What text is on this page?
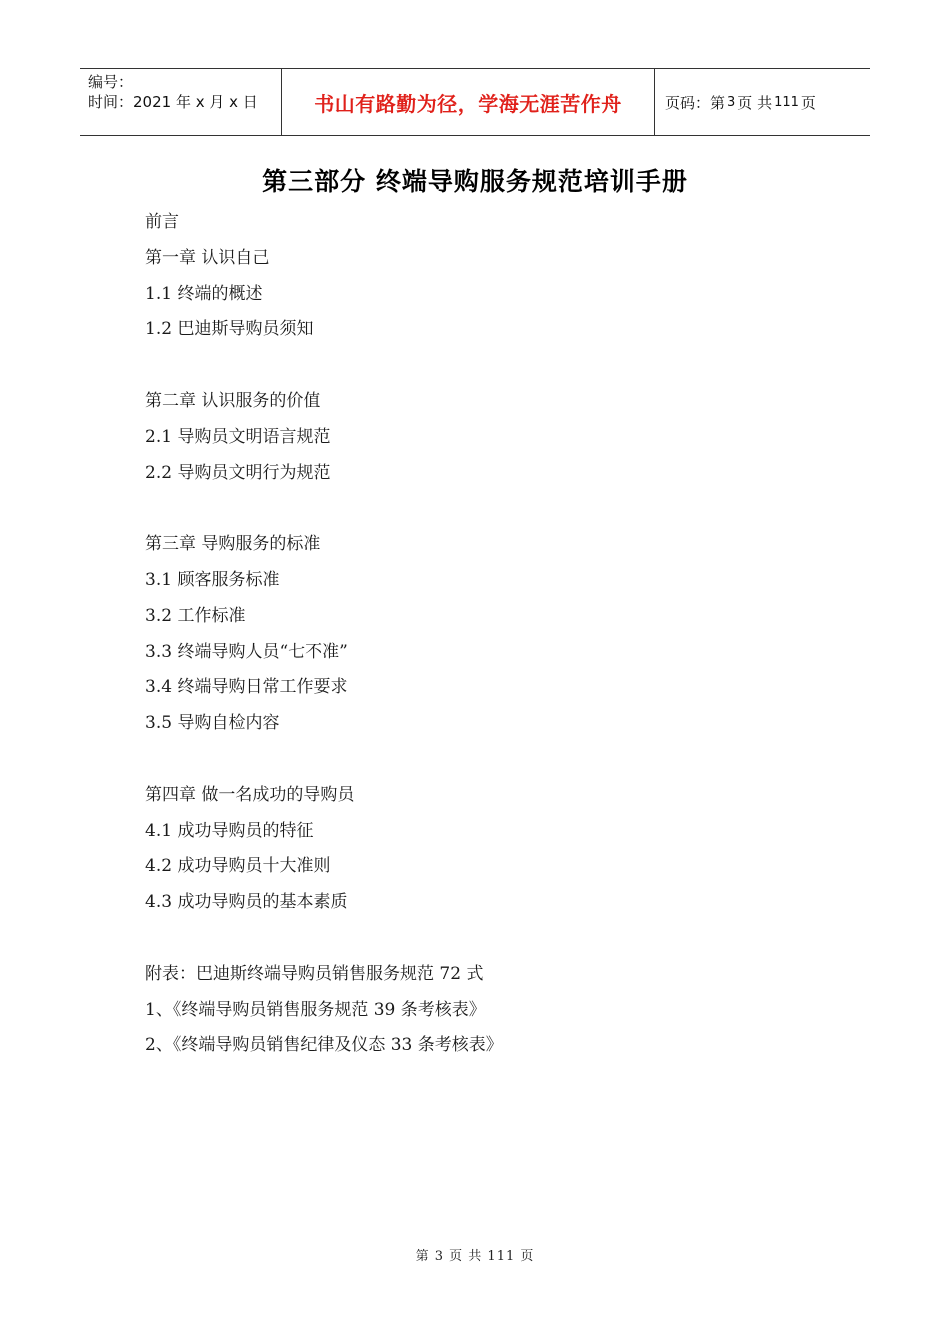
编号：
时间：2021 年 x 月 x 日	书山有路勤为径，学海无涯苦作舟	页码：第 3 页 共 111 页
第三部分 终端导购服务规范培训手册
前言
第一章 认识自己
1.1 终端的概述
1.2 巴迪斯导购员须知
第二章 认识服务的价值
2.1 导购员文明语言规范
2.2 导购员文明行为规范
第三章 导购服务的标准
3.1 顾客服务标准
3.2 工作标准
3.3 终端导购人员“七不准”
3.4 终端导购日常工作要求
3.5 导购自检内容
第四章 做一名成功的导购员
4.1 成功导购员的特征
4.2 成功导购员十大准则
4.3 成功导购员的基本素质
附表：巴迪斯终端导购员销售服务规范 72 式
1、《终端导购员销售服务规范 39 条考核表》
2、《终端导购员销售纪律及仪态 33 条考核表》
第 3 页 共 111 页
